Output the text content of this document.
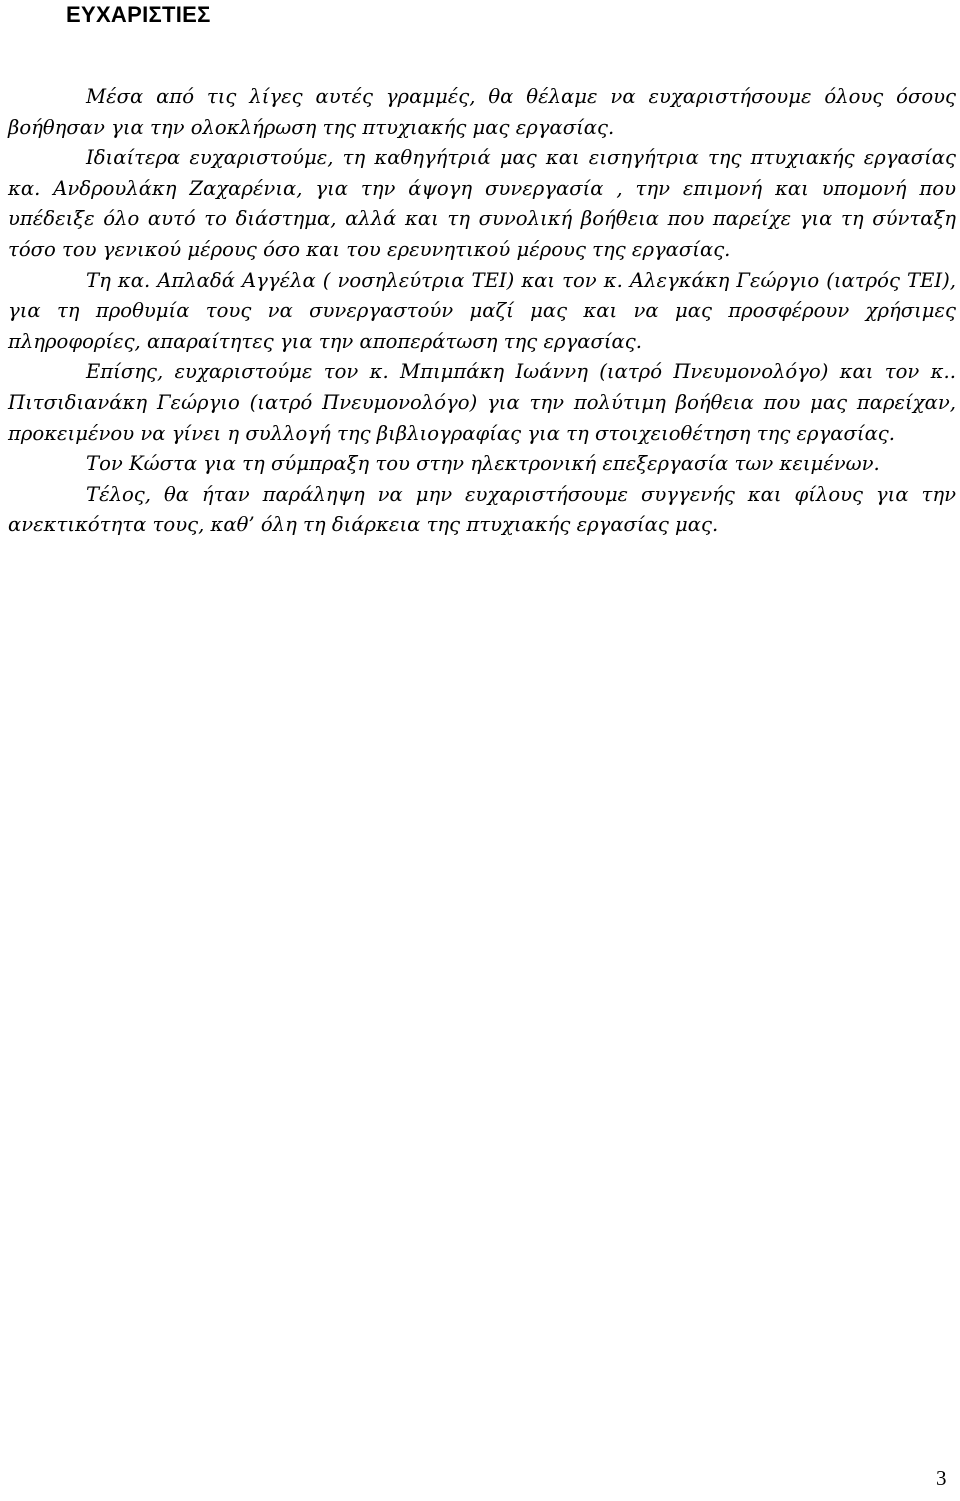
ΕΥΧΑΡΙΣΤΙΕΣ

Μέσα από τις λίγες αυτές γραμμές, θα θέλαμε να ευχαριστήσουμε όλους όσους βοήθησαν για την ολοκλήρωση της πτυχιακής μας εργασίας.

Ιδιαίτερα ευχαριστούμε, τη καθηγήτριά μας και εισηγήτρια της πτυχιακής εργασίας κα. Ανδρουλάκη Ζαχαρένια, για την άψογη συνεργασία , την επιμονή και υπομονή που υπέδειξε όλο αυτό το διάστημα, αλλά και τη συνολική βοήθεια που παρείχε για τη σύνταξη τόσο του γενικού μέρους όσο και του ερευνητικού μέρους της εργασίας.

Τη κα. Απλαδά Αγγέλα ( νοσηλεύτρια ΤΕΙ) και τον κ. Αλεγκάκη Γεώργιο (ιατρός ΤΕΙ), για τη προθυμία τους να συνεργαστούν μαζί μας και να μας προσφέρουν χρήσιμες πληροφορίες, απαραίτητες για την αποπεράτωση της εργασίας.

Επίσης, ευχαριστούμε τον κ. Μπιμπάκη Ιωάννη (ιατρό Πνευμονολόγο) και τον κ.. Πιτσιδιανάκη Γεώργιο (ιατρό Πνευμονολόγο) για την πολύτιμη βοήθεια που μας παρείχαν, προκειμένου να γίνει η συλλογή της βιβλιογραφίας για τη στοιχειοθέτηση της εργασίας.

Τον Κώστα για τη σύμπραξη του στην ηλεκτρονική επεξεργασία των κειμένων.

Τέλος, θα ήταν παράληψη να μην ευχαριστήσουμε συγγενής και φίλους για την ανεκτικότητα τους, καθ’ όλη τη διάρκεια της πτυχιακής εργασίας μας.

3
